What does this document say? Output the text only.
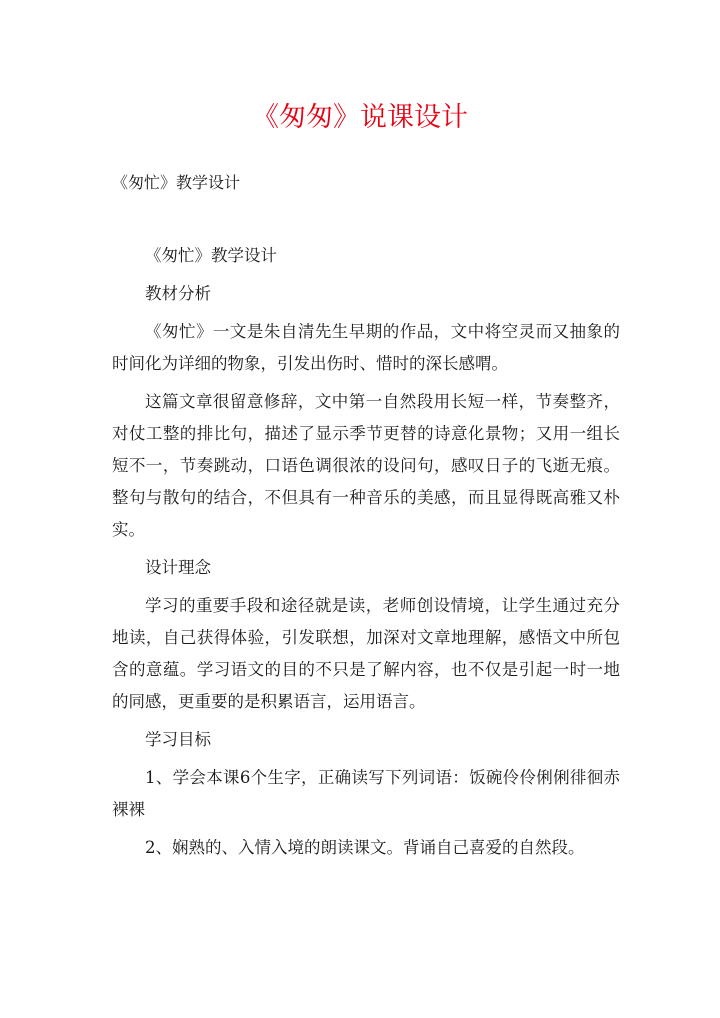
《匆匆》说课设计

《匆忙》教学设计

《匆忙》教学设计

教材分析

《匆忙》一文是朱自清先生早期的作品，文中将空灵而又抽象的时间化为详细的物象，引发出伤时、惜时的深长感喟。

这篇文章很留意修辞，文中第一自然段用长短一样，节奏整齐，对仗工整的排比句，描述了显示季节更替的诗意化景物；又用一组长短不一，节奏跳动，口语色调很浓的设问句，感叹日子的飞逝无痕。整句与散句的结合，不但具有一种音乐的美感，而且显得既高雅又朴实。

设计理念

学习的重要手段和途径就是读，老师创设情境，让学生通过充分地读，自己获得体验，引发联想，加深对文章地理解，感悟文中所包含的意蕴。学习语文的目的不只是了解内容，也不仅是引起一时一地的同感，更重要的是积累语言，运用语言。

学习目标

1、学会本课6个生字，正确读写下列词语：饭碗伶伶俐俐徘徊赤裸裸

2、娴熟的、入情入境的朗读课文。背诵自己喜爱的自然段。
